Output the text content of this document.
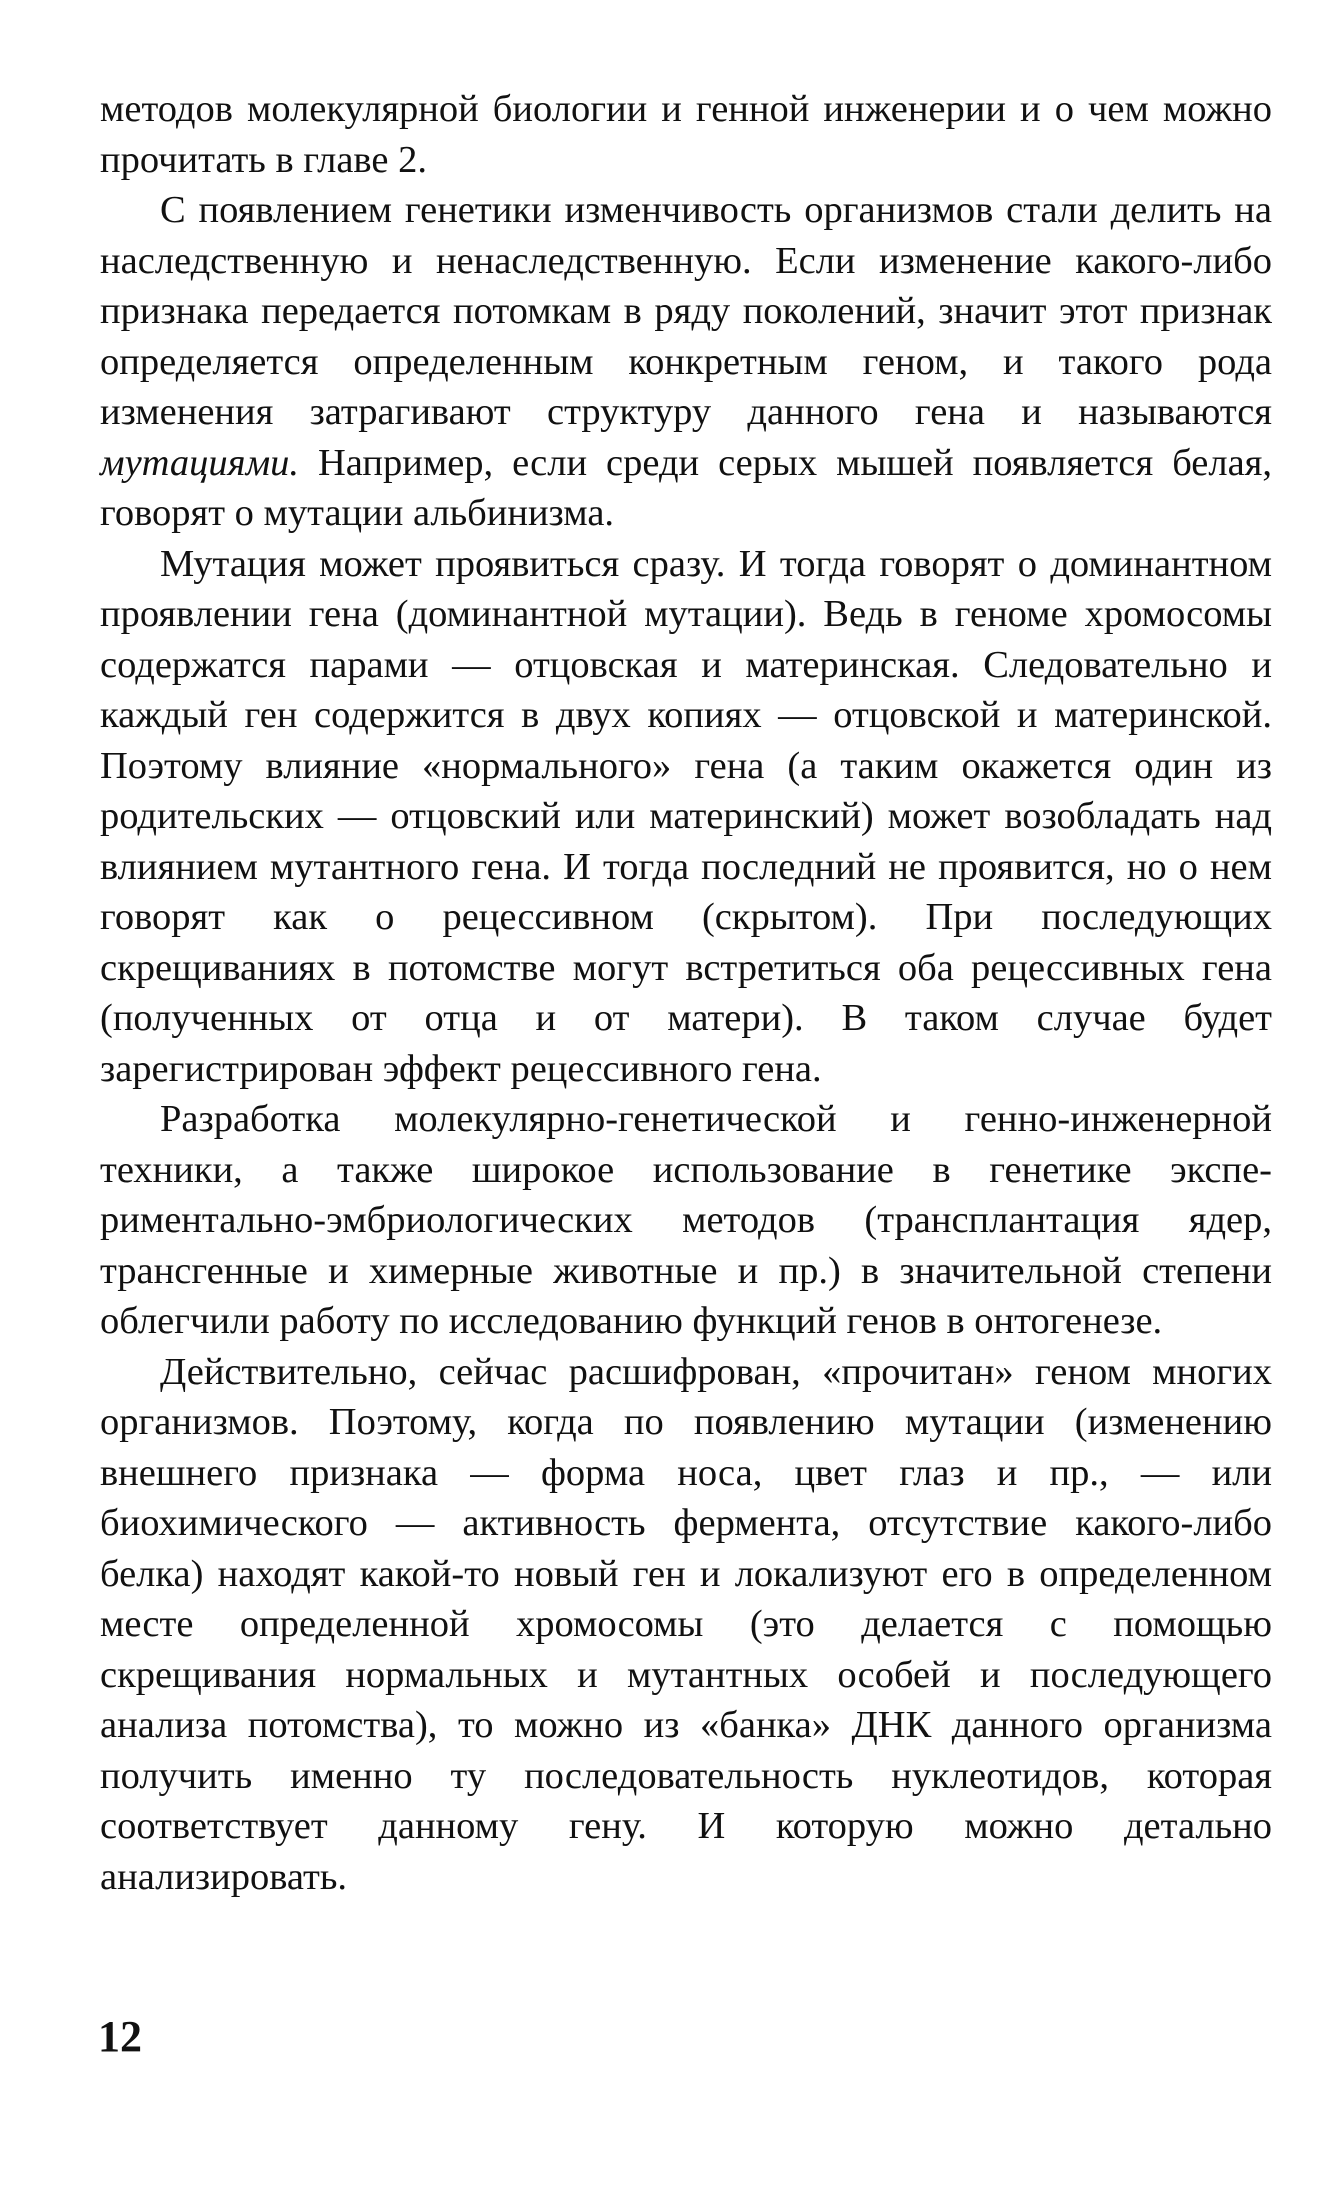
методов молекулярной биологии и генной инженерии и о чем можно прочитать в главе 2.

С появлением генетики изменчивость организмов стали делить на наследственную и ненаследственную. Если изменение какого-либо признака передается потомкам в ряду поколений, значит этот признак определяется определенным конкретным геном, и такого рода изменения затрагивают структуру данного гена и называются мутациями. Например, если среди серых мышей появляется белая, говорят о мутации альбинизма.

Мутация может проявиться сразу. И тогда говорят о доминантном проявлении гена (доминантной мутации). Ведь в геноме хромосомы содержатся парами — отцовская и материнская. Следовательно и каждый ген содержится в двух копиях — отцовской и материнской. Поэтому влияние «нормального» гена (а таким окажется один из родительских — отцовский или материнский) может возобладать над влиянием мутантного гена. И тогда последний не проявится, но о нем говорят как о рецессивном (скрытом). При последующих скрещиваниях в потомстве могут встретиться оба рецессивных гена (полученных от отца и от матери). В таком случае будет зарегистрирован эффект рецессивного гена.

Разработка молекулярно-генетической и генно-инженерной техники, а также широкое использование в генетике экспериментально-эмбриологических методов (трансплантация ядер, трансгенные и химерные животные и пр.) в значительной степени облегчили работу по исследованию функций генов в онтогенезе.

Действительно, сейчас расшифрован, «прочитан» геном многих организмов. Поэтому, когда по появлению мутации (изменению внешнего признака — форма носа, цвет глаз и пр., — или биохимического — активность фермента, отсутствие какого-либо белка) находят какой-то новый ген и локализуют его в определенном месте определенной хромосомы (это делается с помощью скрещивания нормальных и мутантных особей и последующего анализа потомства), то можно из «банка» ДНК данного организма получить именно ту последовательность нуклеотидов, которая соответствует данному гену. И которую можно детально анализировать.

12
